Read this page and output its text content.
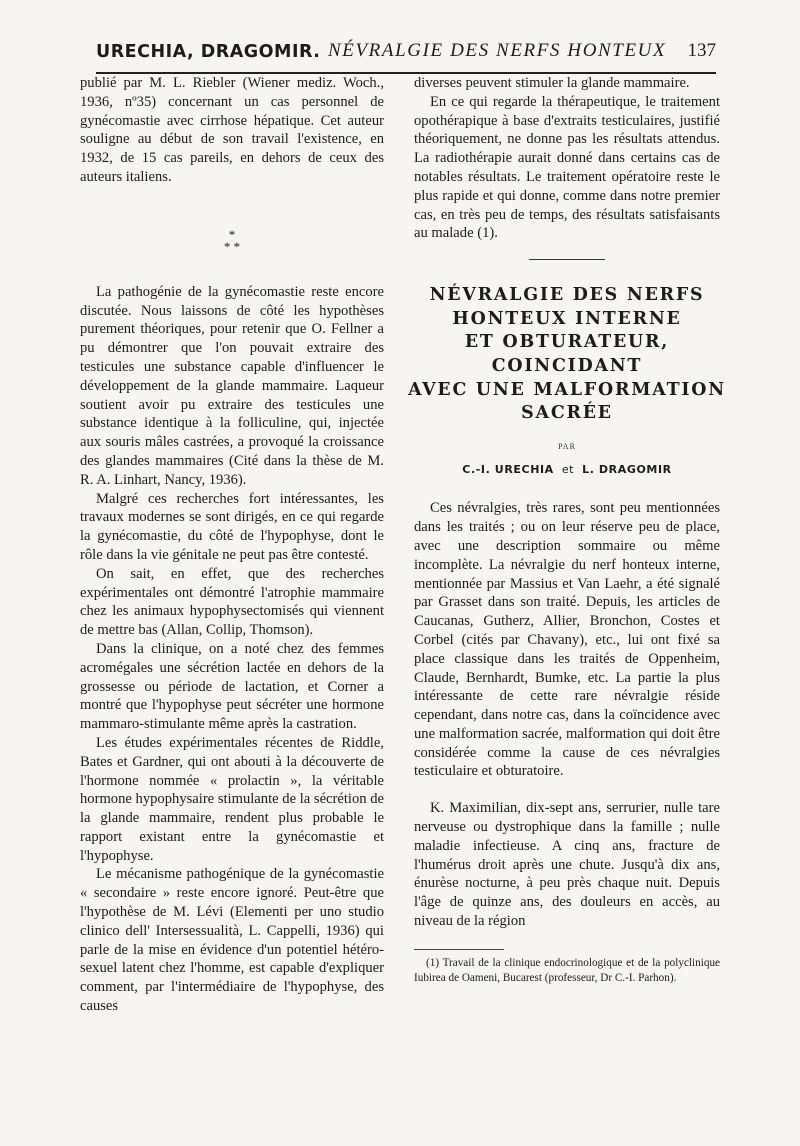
URECHIA, DRAGOMIR. NÉVRALGIE DES NERFS HONTEUX 137

publié par M. L. Riebler (Wiener mediz. Woch., 1936, nº35) concernant un cas personnel de gynécomastie avec cirrhose hépatique. Cet auteur souligne au début de son travail l'existence, en 1932, de 15 cas pareils, en dehors de ceux des auteurs italiens.

*
* *

La pathogénie de la gynécomastie reste encore discutée. Nous laissons de côté les hypothèses purement théoriques, pour retenir que O. Fellner a pu démontrer que l'on pouvait extraire des testicules une substance capable d'influencer le développement de la glande mammaire. Laqueur soutient avoir pu extraire des testicules une substance identique à la folliculine, qui, injectée aux souris mâles castrées, a provoqué la croissance des glandes mammaires (Cité dans la thèse de M. R. A. Linhart, Nancy, 1936).

Malgré ces recherches fort intéressantes, les travaux modernes se sont dirigés, en ce qui regarde la gynécomastie, du côté de l'hypophyse, dont le rôle dans la vie génitale ne peut pas être contesté.

On sait, en effet, que des recherches expérimentales ont démontré l'atrophie mammaire chez les animaux hypophysectomisés qui viennent de mettre bas (Allan, Collip, Thomson).

Dans la clinique, on a noté chez des femmes acromégales une sécrétion lactée en dehors de la grossesse ou période de lactation, et Corner a montré que l'hypophyse peut sécréter une hormone mammaro-stimulante même après la castration.

Les études expérimentales récentes de Riddle, Bates et Gardner, qui ont abouti à la découverte de l'hormone nommée « prolactin », la véritable hormone hypophysaire stimulante de la sécrétion de la glande mammaire, rendent plus probable le rapport existant entre la gynécomastie et l'hypophyse.

Le mécanisme pathogénique de la gynécomastie « secondaire » reste encore ignoré. Peut-être que l'hypothèse de M. Lévi (Elementi per uno studio clinico dell' Intersessualità, L. Cappelli, 1936) qui parle de la mise en évidence d'un potentiel hétéro-sexuel latent chez l'homme, est capable d'expliquer comment, par l'intermédiaire de l'hypophyse, des causes

diverses peuvent stimuler la glande mammaire.

En ce qui regarde la thérapeutique, le traitement opothérapique à base d'extraits testiculaires, justifié théoriquement, ne donne pas les résultats attendus. La radiothérapie aurait donné dans certains cas de notables résultats. Le traitement opératoire reste le plus rapide et qui donne, comme dans notre premier cas, en très peu de temps, des résultats satisfaisants au malade (1).

NÉVRALGIE DES NERFS
HONTEUX INTERNE
ET OBTURATEUR,
COINCIDANT
AVEC UNE MALFORMATION
SACRÉE
PAR
C.-I. URECHIA et L. DRAGOMIR

Ces névralgies, très rares, sont peu mentionnées dans les traités ; ou on leur réserve peu de place, avec une description sommaire ou même incomplète. La névralgie du nerf honteux interne, mentionnée par Massius et Van Laehr, a été signalé par Grasset dans son traité. Depuis, les articles de Caucanas, Gutherz, Allier, Bronchon, Costes et Corbel (cités par Chavany), etc., lui ont fixé sa place classique dans les traités de Oppenheim, Claude, Bernhardt, Bumke, etc. La partie la plus intéressante de cette rare névralgie réside cependant, dans notre cas, dans la coïncidence avec une malformation sacrée, malformation qui doit être considérée comme la cause de ces névralgies testiculaire et obturatoire.

K. Maximilian, dix-sept ans, serrurier, nulle tare nerveuse ou dystrophique dans la famille ; nulle maladie infectieuse. A cinq ans, fracture de l'humérus droit après une chute. Jusqu'à dix ans, énurèse nocturne, à peu près chaque nuit. Depuis l'âge de quinze ans, des douleurs en accès, au niveau de la région

(1) Travail de la clinique endocrinologique et de la polyclinique Iubirea de Oameni, Bucarest (professeur, Dr C.-I. Parhon).
